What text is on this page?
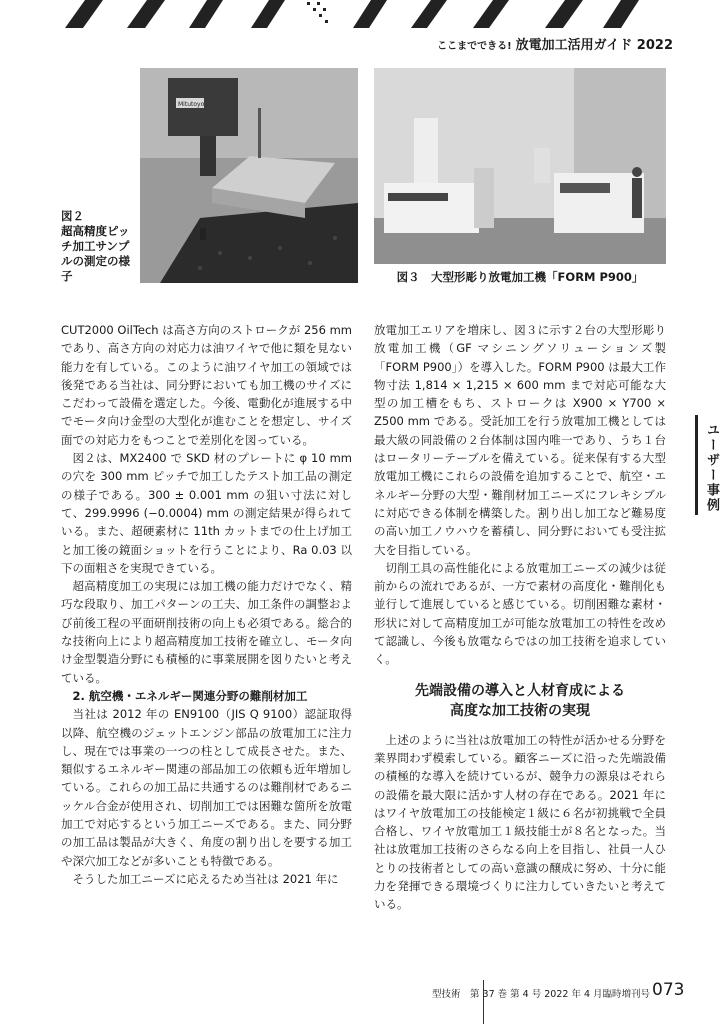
ここまでできる! 放電加工活用ガイド 2022
Mitutoyo
図２
超高精度ピッ
チ加工サンプ
ルの測定の様
子	図３　大型形彫り放電加工機「FORM P900」

CUT2000 OilTech は高さ方向のストロークが 256 mm であり、高さ方向の対応力は油ワイヤで他に類を見ない能力を有している。このように油ワイヤ加工の領域では後発である当社は、同分野においても加工機のサイズにこだわって設備を選定した。今後、電動化が進展する中でモータ向け金型の大型化が進むことを想定し、サイズ面での対応力をもつことで差別化を図っている。

図２は、MX2400 で SKD 材のプレートに φ 10 mm の穴を 300 mm ピッチで加工したテスト加工品の測定の様子である。300 ± 0.001 mm の狙い寸法に対して、299.9996 (−0.0004) mm の測定結果が得られている。また、超硬素材に 11th カットまでの仕上げ加工と加工後の鏡面ショットを行うことにより、Ra 0.03 以下の面粗さを実現できている。

超高精度加工の実現には加工機の能力だけでなく、精巧な段取り、加工パターンの工夫、加工条件の調整および前後工程の平面研削技術の向上も必須である。総合的な技術向上により超高精度加工技術を確立し、モータ向け金型製造分野にも積極的に事業展開を図りたいと考えている。

2. 航空機・エネルギー関連分野の難削材加工

当社は 2012 年の EN9100（JIS Q 9100）認証取得以降、航空機のジェットエンジン部品の放電加工に注力し、現在では事業の一つの柱として成長させた。また、類似するエネルギー関連の部品加工の依頼も近年増加している。これらの加工品に共通するのは難削材であるニッケル合金が使用され、切削加工では困難な箇所を放電加工で対応するという加工ニーズである。また、同分野の加工品は製品が大きく、角度の割り出しを要する加工や深穴加工などが多いことも特徴である。

そうした加工ニーズに応えるため当社は 2021 年に

放電加工エリアを増床し、図３に示す２台の大型形彫り放電加工機（GF マシニングソリューションズ製「FORM P900」）を導入した。FORM P900 は最大工作物寸法 1,814 × 1,215 × 600 mm まで対応可能な大型の加工槽をもち、ストロークは X900 × Y700 × Z500 mm である。受託加工を行う放電加工機としては最大級の同設備の２台体制は国内唯一であり、うち１台はロータリーテーブルを備えている。従来保有する大型放電加工機にこれらの設備を追加することで、航空・エネルギー分野の大型・難削材加工ニーズにフレキシブルに対応できる体制を構築した。割り出し加工など難易度の高い加工ノウハウを蓄積し、同分野においても受注拡大を目指している。

切削工具の高性能化による放電加工ニーズの減少は従前からの流れであるが、一方で素材の高度化・難削化も並行して進展していると感じている。切削困難な素材・形状に対して高精度加工が可能な放電加工の特性を改めて認識し、今後も放電ならではの加工技術を追求していく。

先端設備の導入と人材育成による
高度な加工技術の実現

上述のように当社は放電加工の特性が活かせる分野を業界問わず模索している。顧客ニーズに沿った先端設備の積極的な導入を続けているが、競争力の源泉はそれらの設備を最大限に活かす人材の存在である。2021 年にはワイヤ放電加工の技能検定１級に６名が初挑戦で全員合格し、ワイヤ放電加工１級技能士が８名となった。当社は放電加工技術のさらなる向上を目指し、社員一人ひとりの技術者としての高い意識の醸成に努め、十分に能力を発揮できる環境づくりに注力していきたいと考えている。

ユーザー事例
型技術　第 37 巻 第 4 号 2022 年 4 月臨時増刊号 073
